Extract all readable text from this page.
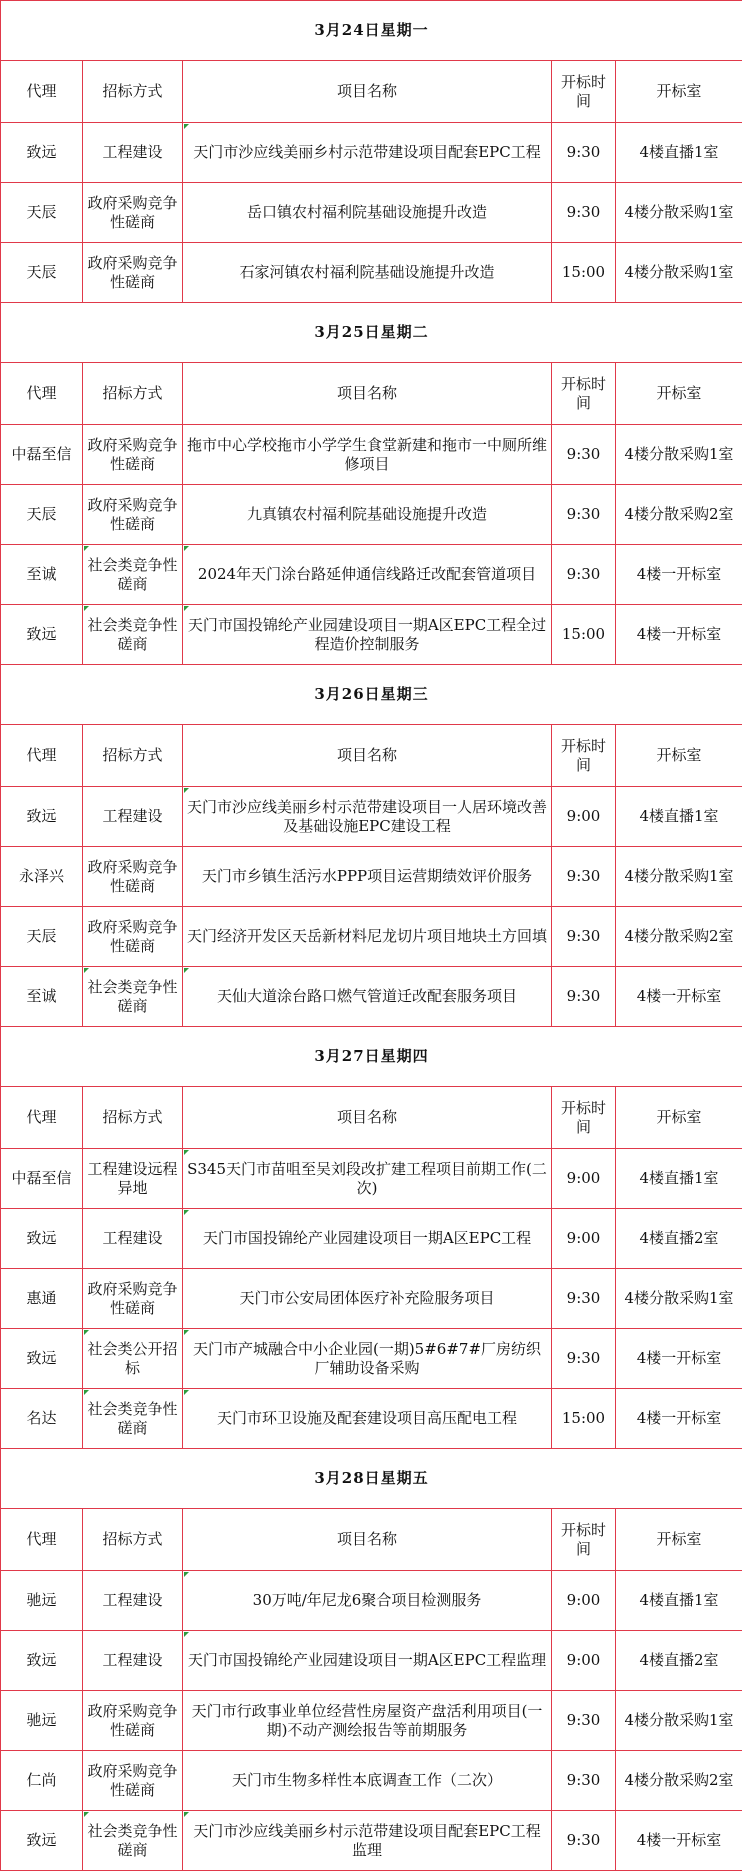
3月24日星期一				
代理	招标方式	项目名称	开标时间	开标室
致远	工程建设	天门市沙应线美丽乡村示范带建设项目配套EPC工程	9:30	4楼直播1室
天辰	政府采购竞争性磋商	岳口镇农村福利院基础设施提升改造	9:30	4楼分散采购1室
天辰	政府采购竞争性磋商	石家河镇农村福利院基础设施提升改造	15:00	4楼分散采购1室
3月25日星期二				
代理	招标方式	项目名称	开标时间	开标室
中磊至信	政府采购竞争性磋商	拖市中心学校拖市小学学生食堂新建和拖市一中厕所维修项目	9:30	4楼分散采购1室
天辰	政府采购竞争性磋商	九真镇农村福利院基础设施提升改造	9:30	4楼分散采购2室
至诚	社会类竞争性磋商	2024年天门涂台路延伸通信线路迁改配套管道项目	9:30	4楼一开标室
致远	社会类竞争性磋商	天门市国投锦纶产业园建设项目一期A区EPC工程全过程造价控制服务	15:00	4楼一开标室
3月26日星期三				
代理	招标方式	项目名称	开标时间	开标室
致远	工程建设	天门市沙应线美丽乡村示范带建设项目一人居环境改善及基础设施EPC建设工程	9:00	4楼直播1室
永泽兴	政府采购竞争性磋商	天门市乡镇生活污水PPP项目运营期绩效评价服务	9:30	4楼分散采购1室
天辰	政府采购竞争性磋商	天门经济开发区天岳新材料尼龙切片项目地块土方回填	9:30	4楼分散采购2室
至诚	社会类竞争性磋商	天仙大道涂台路口燃气管道迁改配套服务项目	9:30	4楼一开标室
3月27日星期四				
代理	招标方式	项目名称	开标时间	开标室
中磊至信	工程建设远程异地	S345天门市苗咀至吴刘段改扩建工程项目前期工作(二次)	9:00	4楼直播1室
致远	工程建设	天门市国投锦纶产业园建设项目一期A区EPC工程	9:00	4楼直播2室
惠通	政府采购竞争性磋商	天门市公安局团体医疗补充险服务项目	9:30	4楼分散采购1室
致远	社会类公开招标	天门市产城融合中小企业园(一期)5#6#7#厂房纺织厂辅助设备采购	9:30	4楼一开标室
名达	社会类竞争性磋商	天门市环卫设施及配套建设项目高压配电工程	15:00	4楼一开标室
3月28日星期五				
代理	招标方式	项目名称	开标时间	开标室
驰远	工程建设	30万吨/年尼龙6聚合项目检测服务	9:00	4楼直播1室
致远	工程建设	天门市国投锦纶产业园建设项目一期A区EPC工程监理	9:00	4楼直播2室
驰远	政府采购竞争性磋商	天门市行政事业单位经营性房屋资产盘活利用项目(一期)不动产测绘报告等前期服务	9:30	4楼分散采购1室
仁尚	政府采购竞争性磋商	天门市生物多样性本底调查工作（二次）	9:30	4楼分散采购2室
致远	社会类竞争性磋商	天门市沙应线美丽乡村示范带建设项目配套EPC工程监理	9:30	4楼一开标室
